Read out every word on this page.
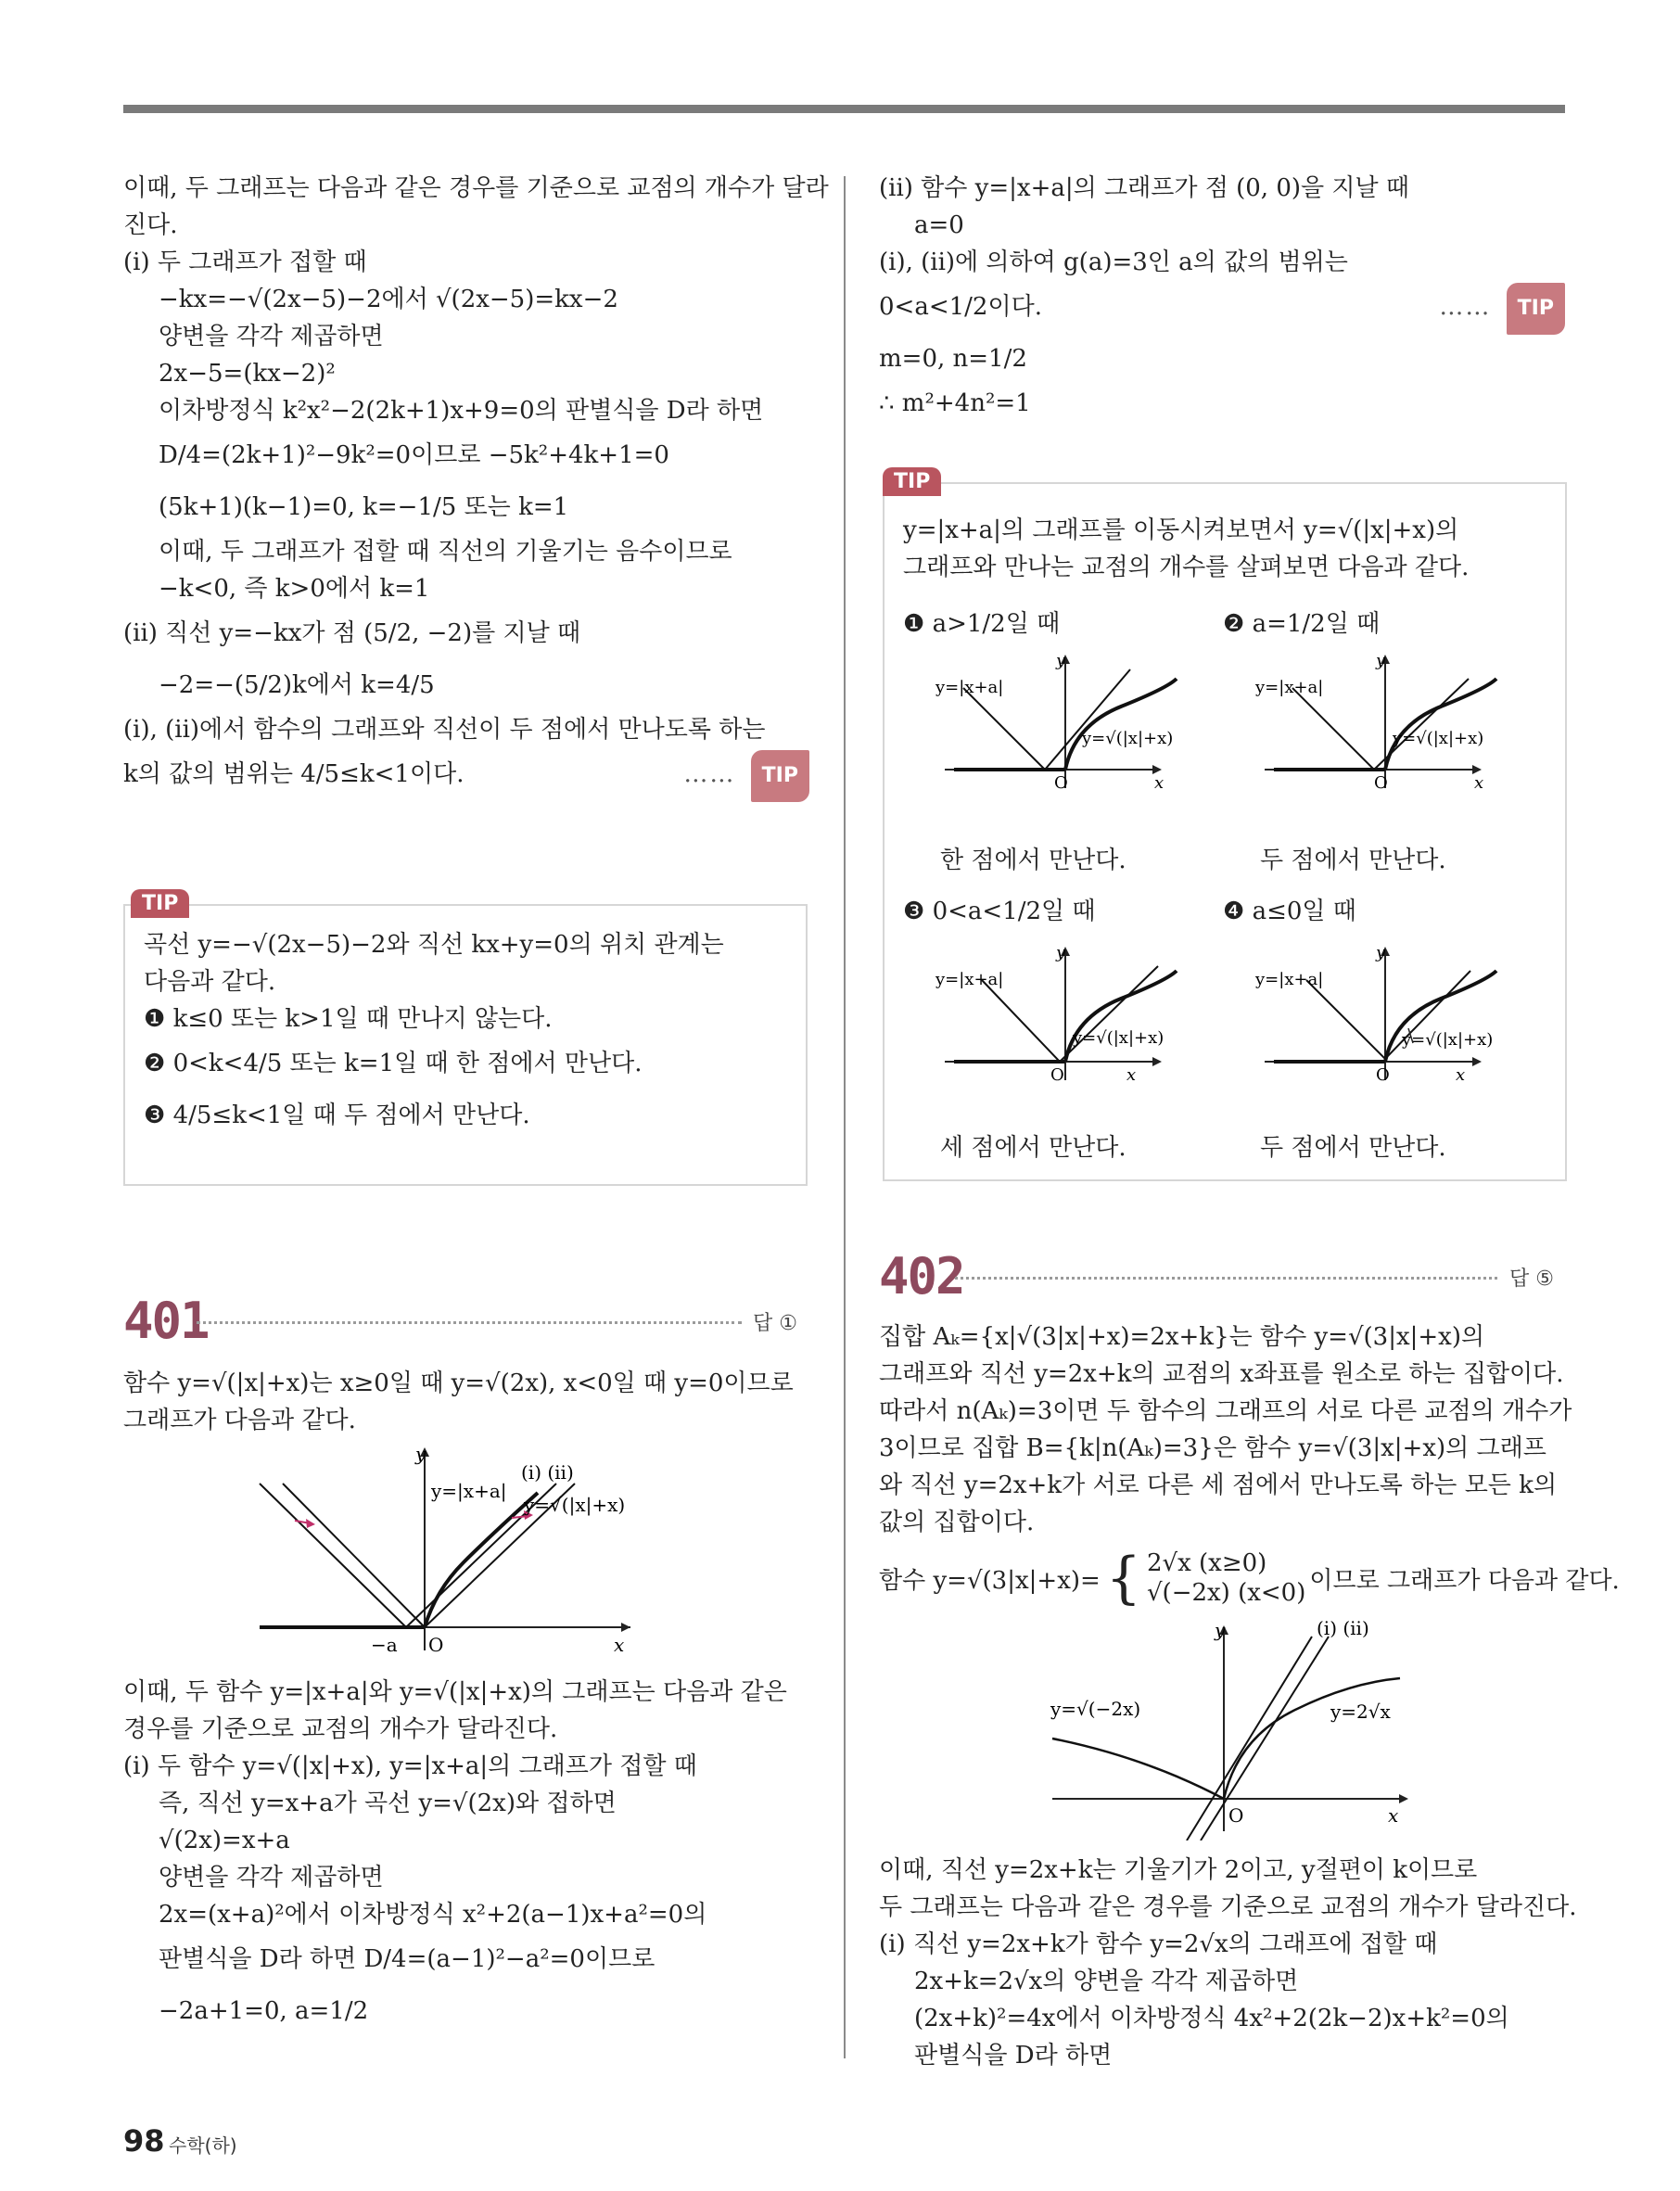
이때, 두 그래프는 다음과 같은 경우를 기준으로 교점의 개수가 달라
진다.
(i) 두 그래프가 접할 때
−kx=−√(2x−5)−2에서 √(2x−5)=kx−2
양변을 각각 제곱하면
2x−5=(kx−2)²
이차방정식 k²x²−2(2k+1)x+9=0의 판별식을 D라 하면
D/4=(2k+1)²−9k²=0이므로 −5k²+4k+1=0
(5k+1)(k−1)=0, k=−1/5 또는 k=1
이때, 두 그래프가 접할 때 직선의 기울기는 음수이므로
−k<0, 즉 k>0에서 k=1
(ii) 직선 y=−kx가 점 (5/2, −2)를 지날 때
−2=−(5/2)k에서 k=4/5
(i), (ii)에서 함수의 그래프와 직선이 두 점에서 만나도록 하는
k의 값의 범위는 4/5≤k<1이다.	…… TIP
TIP
곡선 y=−√(2x−5)−2와 직선 kx+y=0의 위치 관계는
다음과 같다.
❶ k≤0 또는 k>1일 때 만나지 않는다.
❷ 0<k<4/5 또는 k=1일 때 한 점에서 만난다.
❸ 4/5≤k<1일 때 두 점에서 만난다.
401	답 ①
함수 y=√(|x|+x)는 x≥0일 때 y=√(2x), x<0일 때 y=0이므로
그래프가 다음과 같다.
y
x
O
−a
y=|x+a|
y=√(|x|+x)
(i) (ii)
이때, 두 함수 y=|x+a|와 y=√(|x|+x)의 그래프는 다음과 같은
경우를 기준으로 교점의 개수가 달라진다.
(i) 두 함수 y=√(|x|+x), y=|x+a|의 그래프가 접할 때
즉, 직선 y=x+a가 곡선 y=√(2x)와 접하면
√(2x)=x+a
양변을 각각 제곱하면
2x=(x+a)²에서 이차방정식 x²+2(a−1)x+a²=0의
판별식을 D라 하면 D/4=(a−1)²−a²=0이므로
−2a+1=0, a=1/2
(ii) 함수 y=|x+a|의 그래프가 점 (0, 0)을 지날 때
a=0
(i), (ii)에 의하여 g(a)=3인 a의 값의 범위는
0<a<1/2이다.	…… TIP
m=0, n=1/2
∴ m²+4n²=1
TIP
y=|x+a|의 그래프를 이동시켜보면서 y=√(|x|+x)의
그래프와 만나는 교점의 개수를 살펴보면 다음과 같다.
❶ a>1/2일 때
y=|x+a|
y=√(|x|+x)
y
x
O
한 점에서 만난다.
❷ a=1/2일 때
y=|x+a|
y=√(|x|+x)
y
x
O
두 점에서 만난다.
❸ 0<a<1/2일 때
y=|x+a|
y=√(|x|+x)
y
x
O
세 점에서 만난다.
❹ a≤0일 때
y=|x+a|
y=√(|x|+x)
y
x
O
두 점에서 만난다.
402	답 ⑤
집합 Aₖ={x|√(3|x|+x)=2x+k}는 함수 y=√(3|x|+x)의
그래프와 직선 y=2x+k의 교점의 x좌표를 원소로 하는 집합이다.
따라서 n(Aₖ)=3이면 두 함수의 그래프의 서로 다른 교점의 개수가
3이므로 집합 B={k|n(Aₖ)=3}은 함수 y=√(3|x|+x)의 그래프
와 직선 y=2x+k가 서로 다른 세 점에서 만나도록 하는 모든 k의
값의 집합이다.
함수 y=√(3|x|+x)= { 2√x (x≥0)
√(−2x) (x<0) 이므로 그래프가 다음과 같다.
y
x
O
y=√(−2x)	y=2√x
(i) (ii)
이때, 직선 y=2x+k는 기울기가 2이고, y절편이 k이므로
두 그래프는 다음과 같은 경우를 기준으로 교점의 개수가 달라진다.
(i) 직선 y=2x+k가 함수 y=2√x의 그래프에 접할 때
2x+k=2√x의 양변을 각각 제곱하면
(2x+k)²=4x에서 이차방정식 4x²+2(2k−2)x+k²=0의
판별식을 D라 하면
98 수학(하)
